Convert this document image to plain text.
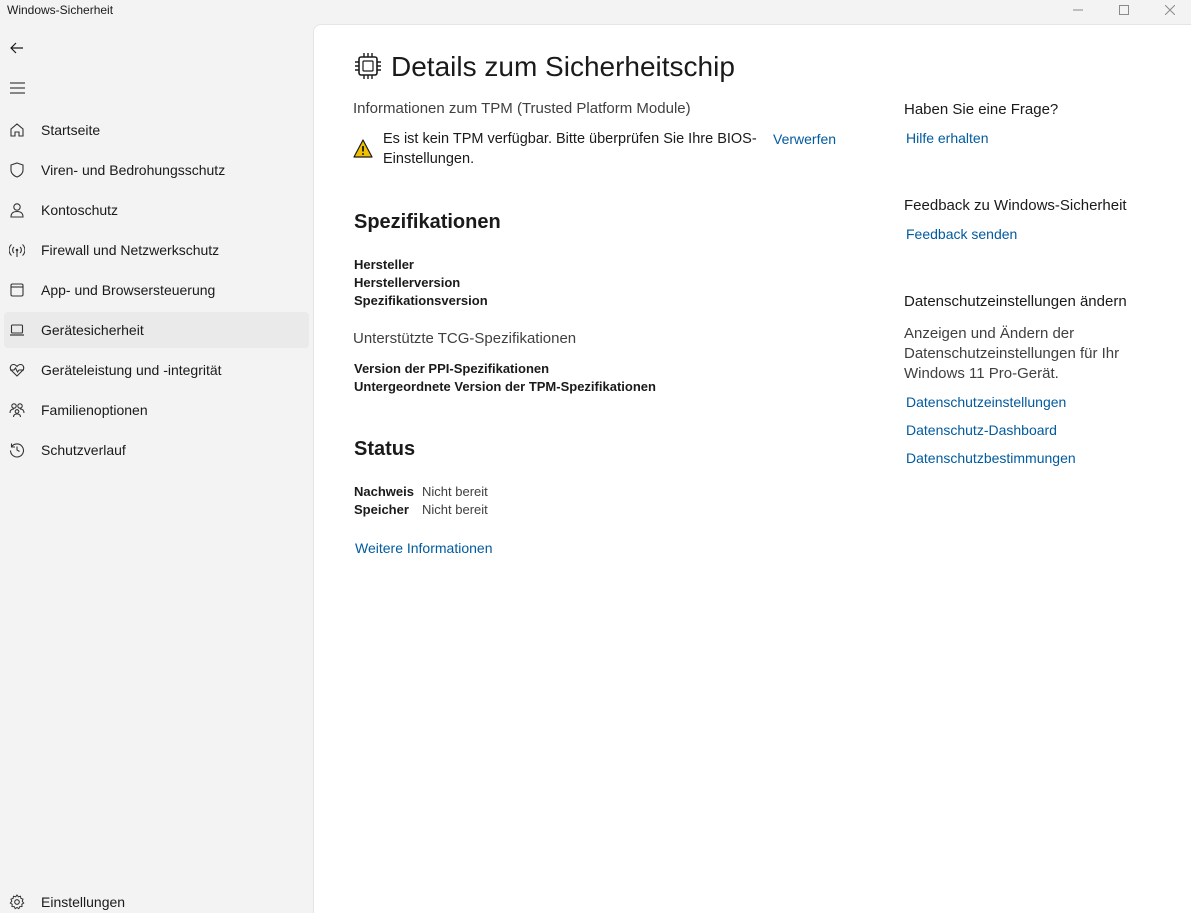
Windows-Sicherheit
Startseite
Viren- und Bedrohungsschutz
Kontoschutz
Firewall und Netzwerkschutz
App- und Browsersteuerung
Gerätesicherheit
Geräteleistung und -integrität
Familienoptionen
Schutzverlauf
Einstellungen
Details zum Sicherheitschip
Informationen zum TPM (Trusted Platform Module)
Es ist kein TPM verfügbar. Bitte überprüfen Sie Ihre BIOS-Einstellungen.
Verwerfen
Spezifikationen
Hersteller
Herstellerversion
Spezifikationsversion
Unterstützte TCG-Spezifikationen
Version der PPI-Spezifikationen
Untergeordnete Version der TPM-Spezifikationen
Status
Nachweis Nicht bereit
Speicher Nicht bereit
Weitere Informationen
Haben Sie eine Frage?
Hilfe erhalten
Feedback zu Windows-Sicherheit
Feedback senden
Datenschutzeinstellungen ändern
Anzeigen und Ändern der Datenschutzeinstellungen für Ihr Windows 11 Pro-Gerät.
Datenschutzeinstellungen
Datenschutz-Dashboard
Datenschutzbestimmungen
